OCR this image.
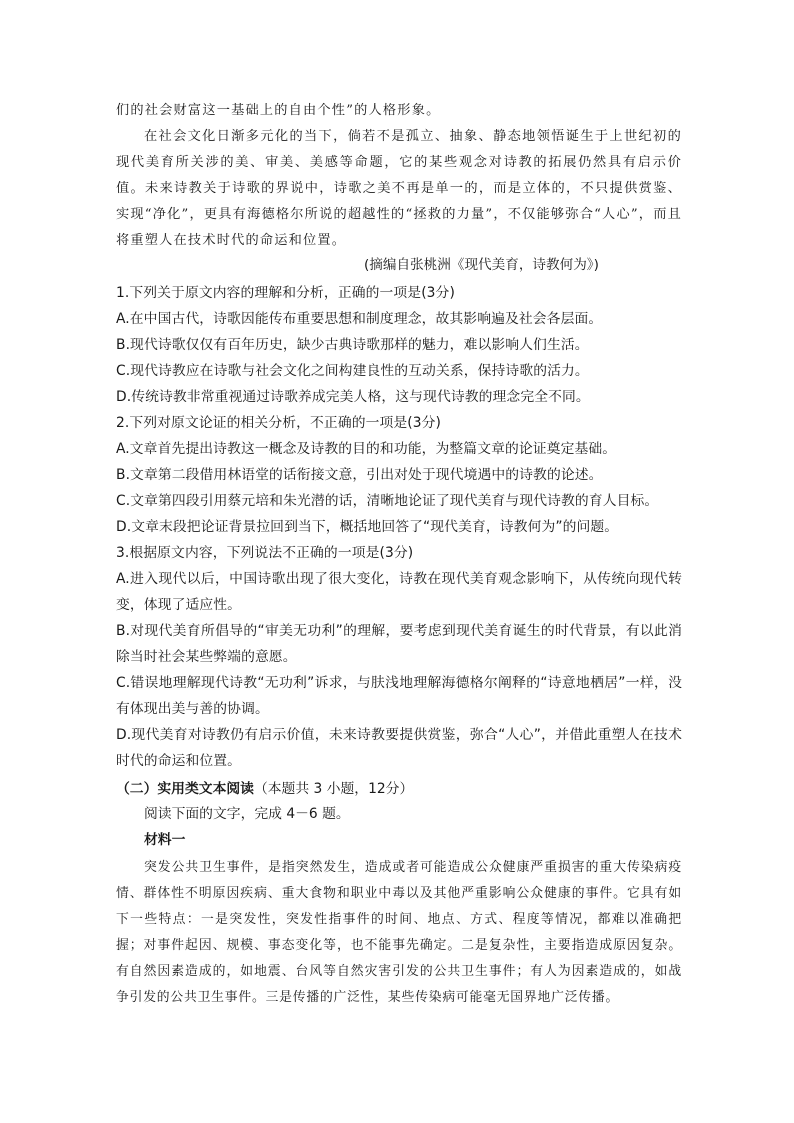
们的社会财富这一基础上的自由个性”的人格形象。
在社会文化日渐多元化的当下，倘若不是孤立、抽象、静态地领悟诞生于上世纪初的现代美育所关涉的美、审美、美感等命题，它的某些观念对诗教的拓展仍然具有启示价值。未来诗教关于诗歌的界说中，诗歌之美不再是单一的，而是立体的，不只提供赏鉴、实现“净化”，更具有海德格尔所说的超越性的“拯救的力量”，不仅能够弥合“人心”，而且将重塑人在技术时代的命运和位置。
(摘编自张桃洲《现代美育，诗教何为》)
1.下列关于原文内容的理解和分析，正确的一项是(3分)
A.在中国古代，诗歌因能传布重要思想和制度理念，故其影响遍及社会各层面。
B.现代诗歌仅仅有百年历史，缺少古典诗歌那样的魅力，难以影响人们生活。
C.现代诗教应在诗歌与社会文化之间构建良性的互动关系，保持诗歌的活力。
D.传统诗教非常重视通过诗歌养成完美人格，这与现代诗教的理念完全不同。
2.下列对原文论证的相关分析，不正确的一项是(3分)
A.文章首先提出诗教这一概念及诗教的目的和功能，为整篇文章的论证奠定基础。
B.文章第二段借用林语堂的话衔接文意，引出对处于现代境遇中的诗教的论述。
C.文章第四段引用蔡元培和朱光潜的话，清晰地论证了现代美育与现代诗教的育人目标。
D.文章末段把论证背景拉回到当下，概括地回答了“现代美育，诗教何为”的问题。
3.根据原文内容，下列说法不正确的一项是(3分)
A.进入现代以后，中国诗歌出现了很大变化，诗教在现代美育观念影响下，从传统向现代转变，体现了适应性。
B.对现代美育所倡导的“审美无功利”的理解，要考虑到现代美育诞生的时代背景，有以此消除当时社会某些弊端的意愿。
C.错误地理解现代诗教“无功利”诉求，与肤浅地理解海德格尔阐释的“诗意地栖居”一样，没有体现出美与善的协调。
D.现代美育对诗教仍有启示价值，未来诗教要提供赏鉴，弥合“人心”，并借此重塑人在技术时代的命运和位置。
（二）实用类文本阅读（本题共 3 小题，12分）
阅读下面的文字，完成 4－6 题。
材料一
突发公共卫生事件，是指突然发生，造成或者可能造成公众健康严重损害的重大传染病疫情、群体性不明原因疾病、重大食物和职业中毒以及其他严重影响公众健康的事件。它具有如下一些特点：一是突发性，突发性指事件的时间、地点、方式、程度等情况，都难以准确把握；对事件起因、规模、事态变化等，也不能事先确定。二是复杂性，主要指造成原因复杂。有自然因素造成的，如地震、台风等自然灾害引发的公共卫生事件；有人为因素造成的，如战争引发的公共卫生事件。三是传播的广泛性，某些传染病可能毫无国界地广泛传播。
